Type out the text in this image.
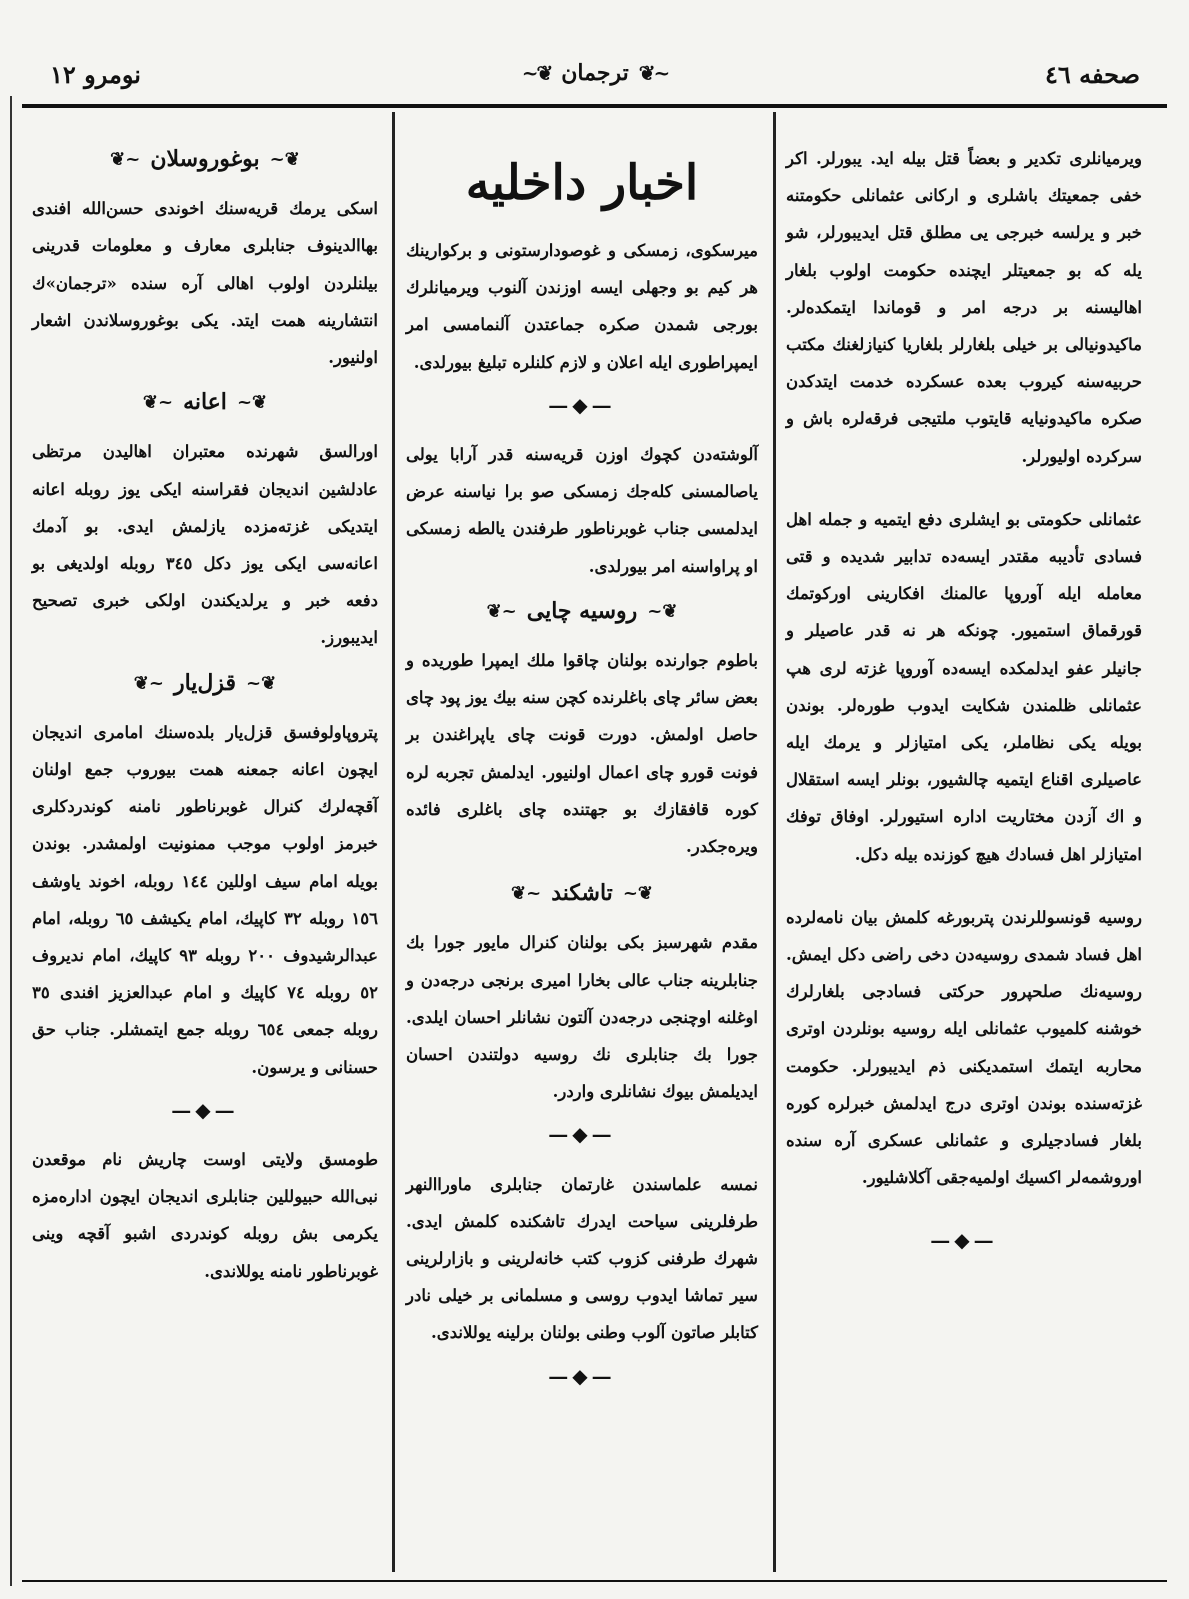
نومرو ١٢	~❦ ترجمان ❦~	صحفه ٤٦

ویرمیانلری تکدیر و بعضاً قتل بیله اید. یبورلر. اکر خفی جمعیتك باشلری و ارکانی عثمانلی حکومتنه خبر و یرلسه خبرجی یی مطلق قتل ایدیبورلر، شو یله که بو جمعیتلر ایچنده حکومت اولوب بلغار اهالیسنه بر درجه امر و قوماندا ایتمکده‌لر. ماکیدونیالی بر خیلی بلغارلر بلغاریا کنیازلغنك مکتب حربیه‌سنه کیروب بعده عسکرده خدمت ایتدکدن صکره ماکیدونیایه قایتوب ملتیجی فرقه‌لره باش و سرکرده اولیورلر.

عثمانلی حکومتی بو ایشلری دفع ایتمیه و جمله اهل فسادی تأدیبه مقتدر ایسه‌ده تدابیر شدیده و قتی معامله ایله آوروپا عالمنك افکارینی اورکوتمك قورقماق استمیور. چونکه هر نه قدر عاصیلر و جانیلر عفو ایدلمکده ایسه‌ده آوروپا غزته لری هپ عثمانلی ظلمندن شکایت ایدوب طوره‌لر. بوندن بویله یکی نظاملر، یکی امتیازلر و یرمك ایله عاصیلری اقناع ایتمیه چالشیور، بونلر ایسه استقلال و اك آزدن مختاریت اداره استیورلر. اوفاق توفك امتیازلر اهل فسادك هیچ کوزنده بیله دکل.

روسیه قونسوللرندن پتربورغه کلمش بیان نامه‌لرده اهل فساد شمدی روسیه‌دن دخی راضی دکل ایمش. روسیه‌نك صلحپرور حرکتی فسادجی بلغارلرك خوشنه کلمیوب عثمانلی ایله روسیه بونلردن اوتری محاربه ایتمك استمدیکنی ذم ایدیبورلر. حکومت غزته‌سنده بوندن اوتری درج ایدلمش خبرلره کوره بلغار فسادجیلری و عثمانلی عسکری آره سنده اوروشمه‌لر اکسیك اولمیه‌جقی آکلاشلیور.

—◆—
اخبار داخلیه

میرسکوی، زمسکی و غوصودارستونی و برکوارینك هر کیم بو وجهلی ایسه اوزندن آلنوب ویرمیانلرك بورجی شمدن صکره جماعتدن آلنمامسی امر ایمپراطوری ایله اعلان و لازم کلنلره تبلیغ بیورلدی.

—◆—

آلوشته‌دن کچوك اوزن قریه‌سنه قدر آرابا یولی یاصالمسنی کله‌جك زمسکی صو برا نیاسنه عرض ایدلمسی جناب غوبرناطور طرفندن یالطه زمسکی او پراواسنه امر بیورلدی.

❦~
روسیه چایی
~❦

باطوم جوارنده بولنان چاقوا ملك ایمپرا طوریده و بعض سائر چای باغلرنده کچن سنه بیك یوز پود چای حاصل اولمش. دورت قونت چای یاپراغندن بر فونت قورو چای اعمال اولنیور. ایدلمش تجربه لره کوره قافقازك بو جهتنده چای باغلری فائده ویره‌جکدر.

❦~
تاشکند
~❦

مقدم شهرسبز بکی بولنان کنرال مایور جورا بك جنابلرینه جناب عالی بخارا امیری برنجی درجه‌دن و اوغلنه اوچنجی درجه‌دن آلتون نشانلر احسان ایلدی. جورا بك جنابلری نك روسیه دولتندن احسان ایدیلمش بیوك نشانلری واردر.

—◆—

نمسه علماسندن غارتمان جنابلری ماوراالنهر طرفلرینی سیاحت ایدرك تاشکنده کلمش ایدی. شهرك طرفنی کزوب کتب خانه‌لرینی و بازارلرینی سیر تماشا ایدوب روسی و مسلمانی بر خیلی نادر کتابلر صاتون آلوب وطنی بولنان برلینه یوللاندی.

—◆—
❦~
بوغوروسلان
~❦

اسکی یرمك قریه‌سنك اخوندی حسن‌الله افندی بهاالدینوف جنابلری معارف و معلومات قدرینی بیلنلردن اولوب اهالی آره سنده «ترجمان»ك انتشارینه همت ایتد. یکی بوغوروسلاندن اشعار اولنیور.

❦~
اعانه
~❦

اورالسق شهرنده معتبران اهالیدن مرتظی عادلشین اندیجان فقراسنه ایکی یوز روبله اعانه ایتدیکی غزته‌مزده یازلمش ایدی. بو آدمك اعانه‌سی ایکی یوز دکل ٣٤٥ روبله اولدیغی بو دفعه خبر و یرلدیکندن اولکی خبری تصحیح ایدیبورز.

❦~
قزل‌یار
~❦

پتروپاولوفسق قزل‌یار بلده‌سنك امامری اندیجان ایچون اعانه جمعنه همت بیوروب جمع اولنان آقچه‌لرك کنرال غوبرناطور نامنه کوندردکلری خبرمز اولوب موجب ممنونیت اولمشدر. بوندن بویله امام سیف اوللین ١٤٤ روبله، اخوند یاوشف ١٥٦ روبله ٣٢ کاپیك، امام یکیشف ٦٥ روبله، امام عبدالرشیدوف ٢٠٠ روبله ٩٣ کاپیك، امام ندیروف ٥٢ روبله ٧٤ کاپیك و امام عبدالعزیز افندی ٣٥ روبله جمعی ٦٥٤ روبله جمع ایتمشلر. جناب حق حسنانی و یرسون.

—◆—

طومسق ولایتی اوست چاریش نام موقعدن نبی‌الله حبیوللین جنابلری اندیجان ایچون اداره‌مزه یکرمی بش روبله کوندردی اشبو آقچه وینی غوبرناطور نامنه یوللاندی.
